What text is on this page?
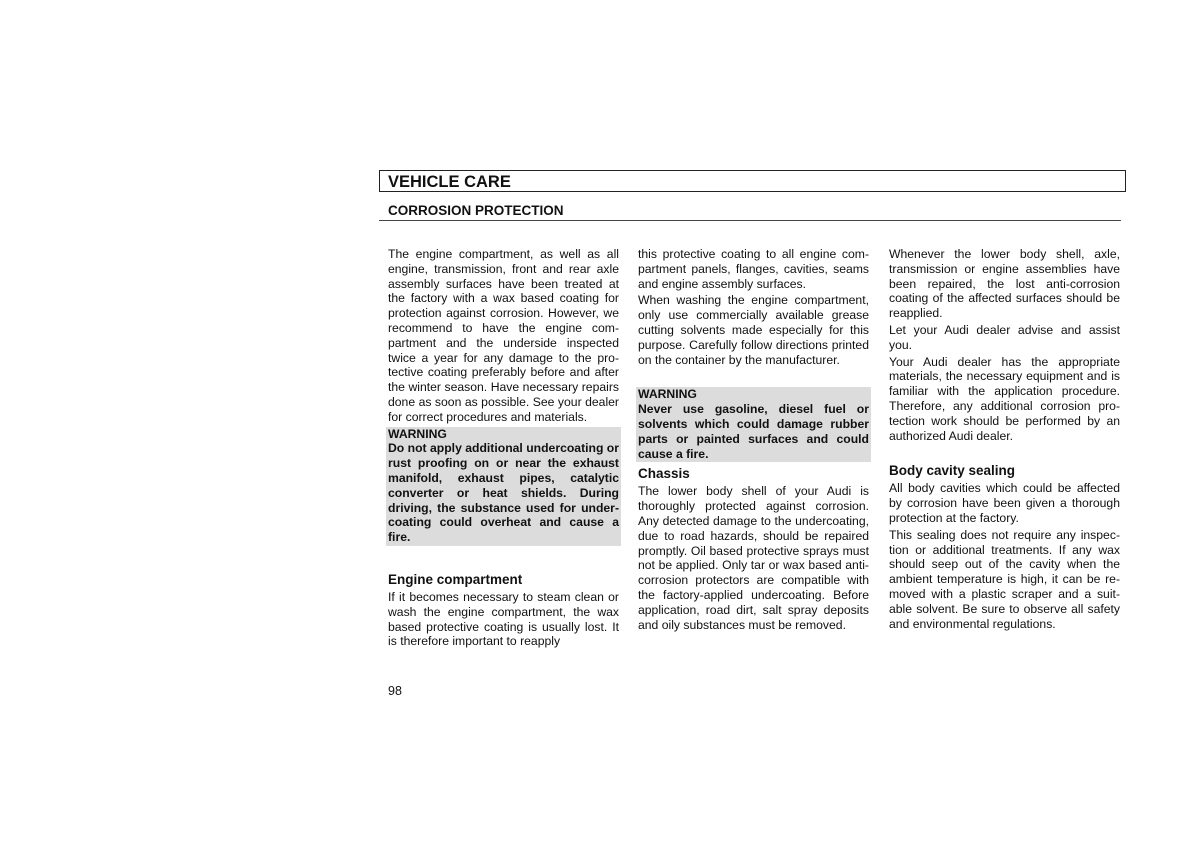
VEHICLE CARE
CORROSION PROTECTION

The engine compartment, as well as all engine, transmission, front and rear axle assembly surfaces have been treated at the factory with a wax based coating for protection against corrosion. However, we recommend to have the engine compartment and the underside inspected twice a year for any damage to the protective coating preferably before and after the winter season. Have necessary repairs done as soon as possible. See your dealer for correct procedures and materials.

WARNING
Do not apply additional undercoating or rust proofing on or near the exhaust manifold, exhaust pipes, catalytic converter or heat shields. During driving, the substance used for undercoating could overheat and cause a fire.
Engine compartment

If it becomes necessary to steam clean or wash the engine compartment, the wax based protective coating is usually lost. It is therefore important to reapply

this protective coating to all engine compartment panels, flanges, cavities, seams and engine assembly surfaces.

When washing the engine compartment, only use commercially available grease cutting solvents made especially for this purpose. Carefully follow directions printed on the container by the manufacturer.

WARNING
Never use gasoline, diesel fuel or solvents which could damage rubber parts or painted surfaces and could cause a fire.
Chassis

The lower body shell of your Audi is thoroughly protected against corrosion. Any detected damage to the undercoating, due to road hazards, should be repaired promptly. Oil based protective sprays must not be applied. Only tar or wax based anti-corrosion protectors are compatible with the factory-applied undercoating. Before application, road dirt, salt spray deposits and oily substances must be removed.

Whenever the lower body shell, axle, transmission or engine assemblies have been repaired, the lost anti-corrosion coating of the affected surfaces should be reapplied.

Let your Audi dealer advise and assist you.

Your Audi dealer has the appropriate materials, the necessary equipment and is familiar with the application procedure. Therefore, any additional corrosion protection work should be performed by an authorized Audi dealer.

Body cavity sealing

All body cavities which could be affected by corrosion have been given a thorough protection at the factory.

This sealing does not require any inspection or additional treatments. If any wax should seep out of the cavity when the ambient temperature is high, it can be removed with a plastic scraper and a suitable solvent. Be sure to observe all safety and environmental regulations.

98
